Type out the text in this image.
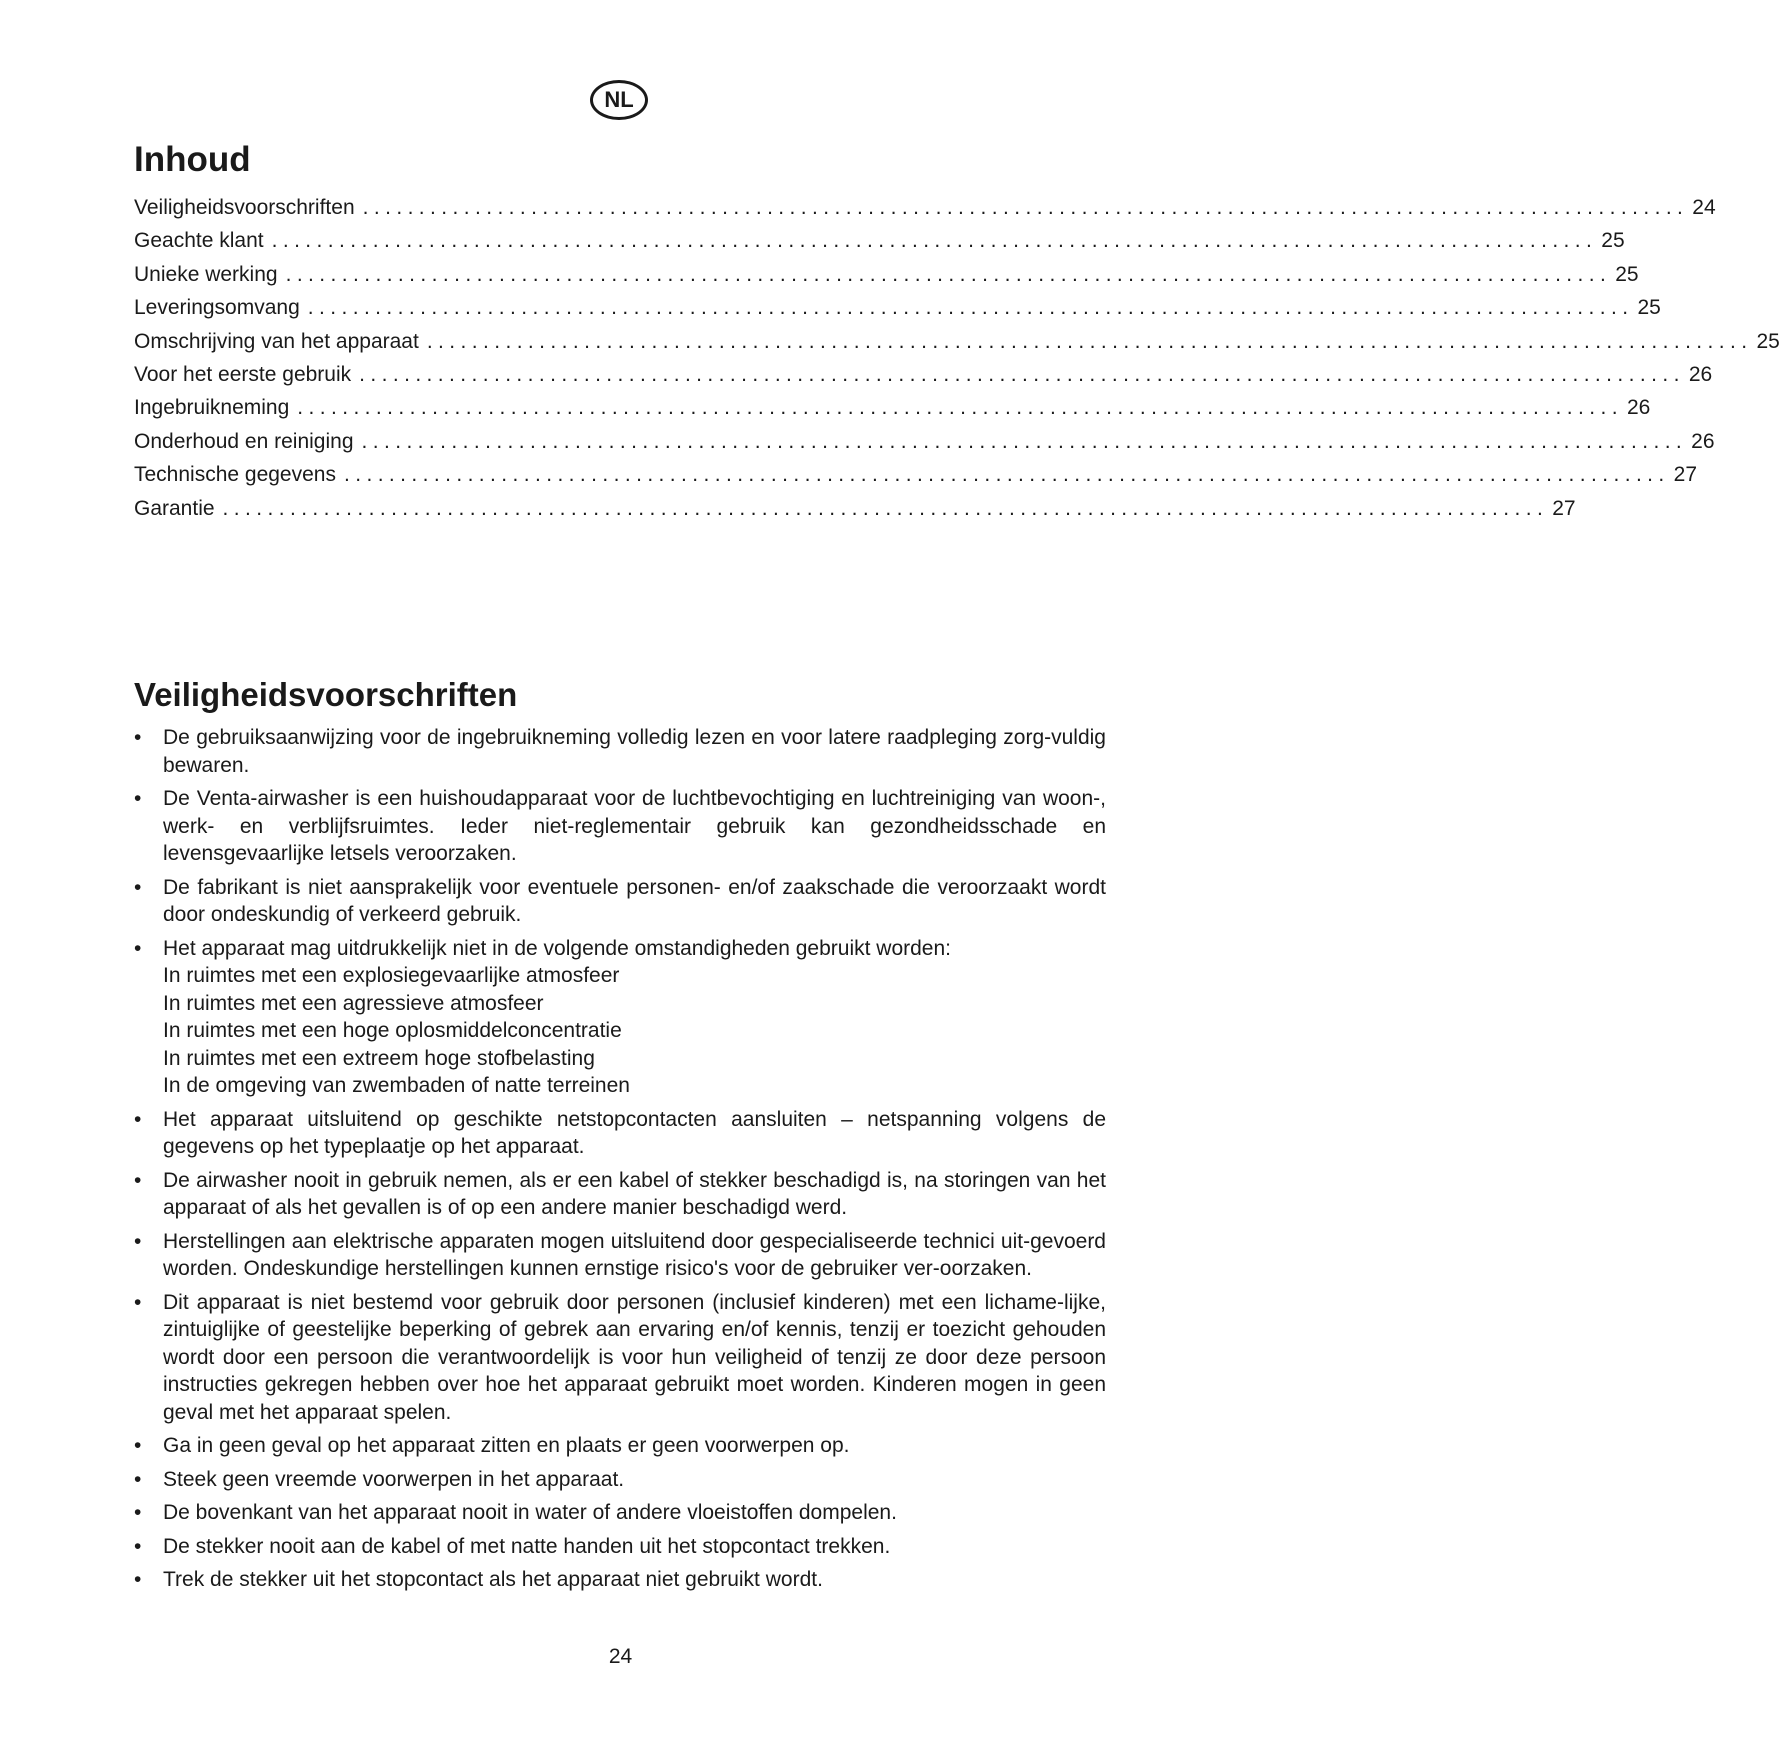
NL
Inhoud
Veiligheidsvoorschriften ...................................................................................................................... 24
Geachte klant ...................................................................................................................... 25
Unieke werking ...................................................................................................................... 25
Leveringsomvang ...................................................................................................................... 25
Omschrijving van het apparaat ...................................................................................................................... 25
Voor het eerste gebruik ...................................................................................................................... 26
Ingebruikneming ...................................................................................................................... 26
Onderhoud en reiniging ...................................................................................................................... 26
Technische gegevens ...................................................................................................................... 27
Garantie ...................................................................................................................... 27
Veiligheidsvoorschriften
• De gebruiksaanwijzing voor de ingebruikneming volledig lezen en voor latere raadpleging zorg-vuldig bewaren.
• De Venta-airwasher is een huishoudapparaat voor de luchtbevochtiging en luchtreiniging van woon-, werk- en verblijfsruimtes. Ieder niet-reglementair gebruik kan gezondheidsschade en levensgevaarlijke letsels veroorzaken.
• De fabrikant is niet aansprakelijk voor eventuele personen- en/of zaakschade die veroorzaakt wordt door ondeskundig of verkeerd gebruik.
• Het apparaat mag uitdrukkelijk niet in de volgende omstandigheden gebruikt worden:
In ruimtes met een explosiegevaarlijke atmosfeer
In ruimtes met een agressieve atmosfeer
In ruimtes met een hoge oplosmiddelconcentratie
In ruimtes met een extreem hoge stofbelasting
In de omgeving van zwembaden of natte terreinen
• Het apparaat uitsluitend op geschikte netstopcontacten aansluiten – netspanning volgens de gegevens op het typeplaatje op het apparaat.
• De airwasher nooit in gebruik nemen, als er een kabel of stekker beschadigd is, na storingen van het apparaat of als het gevallen is of op een andere manier beschadigd werd.
• Herstellingen aan elektrische apparaten mogen uitsluitend door gespecialiseerde technici uit-gevoerd worden. Ondeskundige herstellingen kunnen ernstige risico's voor de gebruiker ver-oorzaken.
• Dit apparaat is niet bestemd voor gebruik door personen (inclusief kinderen) met een lichame-lijke, zintuiglijke of geestelijke beperking of gebrek aan ervaring en/of kennis, tenzij er toezicht gehouden wordt door een persoon die verantwoordelijk is voor hun veiligheid of tenzij ze door deze persoon instructies gekregen hebben over hoe het apparaat gebruikt moet worden. Kinderen mogen in geen geval met het apparaat spelen.
• Ga in geen geval op het apparaat zitten en plaats er geen voorwerpen op.
• Steek geen vreemde voorwerpen in het apparaat.
• De bovenkant van het apparaat nooit in water of andere vloeistoffen dompelen.
• De stekker nooit aan de kabel of met natte handen uit het stopcontact trekken.
• Trek de stekker uit het stopcontact als het apparaat niet gebruikt wordt.
24
